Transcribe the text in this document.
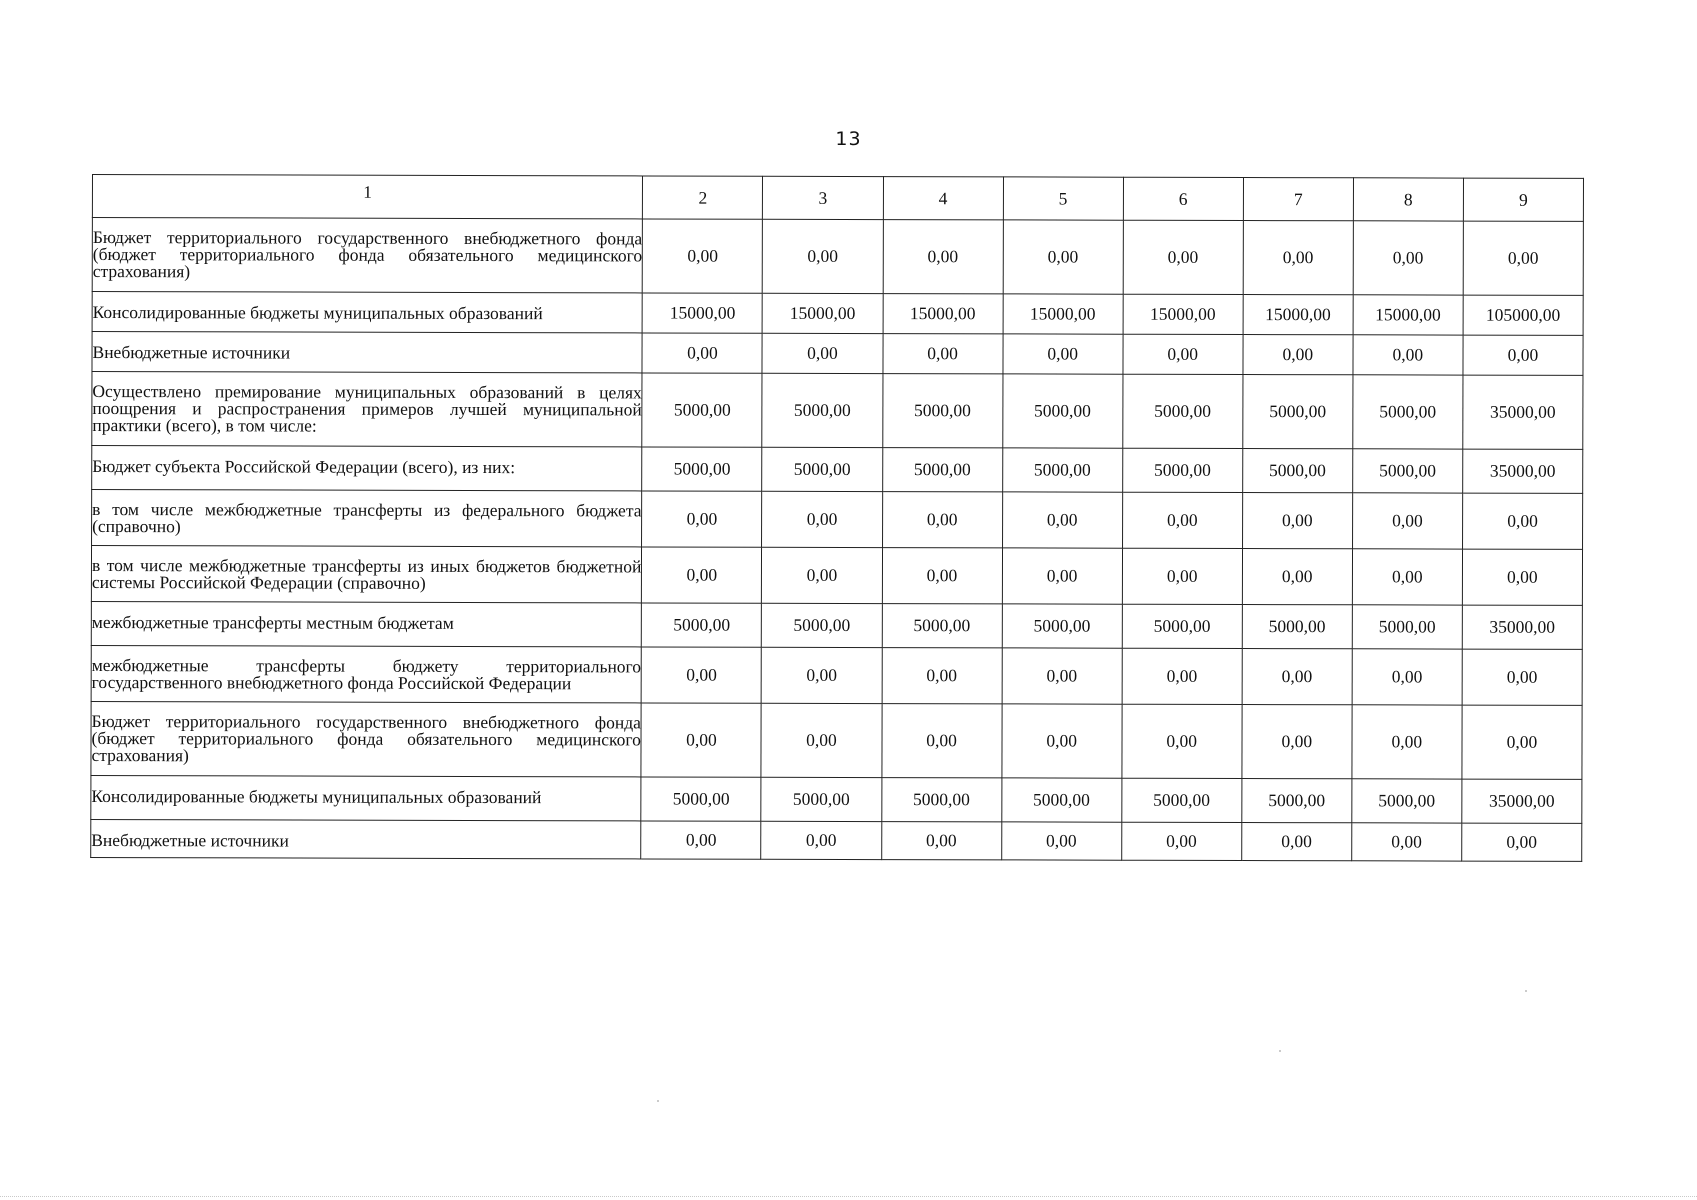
13
1	2	3	4	5	6	7	8	9
Бюджет территориального государственного внебюджетного фонда (бюджет территориального фонда обязательного медицинского страхования)	0,00	0,00	0,00	0,00	0,00	0,00	0,00	0,00
Консолидированные бюджеты муниципальных образований	15000,00	15000,00	15000,00	15000,00	15000,00	15000,00	15000,00	105000,00
Внебюджетные источники	0,00	0,00	0,00	0,00	0,00	0,00	0,00	0,00
Осуществлено премирование муниципальных образований в целях поощрения и распространения примеров лучшей муниципальной практики (всего), в том числе:	5000,00	5000,00	5000,00	5000,00	5000,00	5000,00	5000,00	35000,00
Бюджет субъекта Российской Федерации (всего), из них:	5000,00	5000,00	5000,00	5000,00	5000,00	5000,00	5000,00	35000,00
в том числе межбюджетные трансферты из федерального бюджета (справочно)	0,00	0,00	0,00	0,00	0,00	0,00	0,00	0,00
в том числе межбюджетные трансферты из иных бюджетов бюджетной системы Российской Федерации (справочно)	0,00	0,00	0,00	0,00	0,00	0,00	0,00	0,00
межбюджетные трансферты местным бюджетам	5000,00	5000,00	5000,00	5000,00	5000,00	5000,00	5000,00	35000,00
межбюджетные трансферты бюджету территориального государственного внебюджетного фонда Российской Федерации	0,00	0,00	0,00	0,00	0,00	0,00	0,00	0,00
Бюджет территориального государственного внебюджетного фонда (бюджет территориального фонда обязательного медицинского страхования)	0,00	0,00	0,00	0,00	0,00	0,00	0,00	0,00
Консолидированные бюджеты муниципальных образований	5000,00	5000,00	5000,00	5000,00	5000,00	5000,00	5000,00	35000,00
Внебюджетные источники	0,00	0,00	0,00	0,00	0,00	0,00	0,00	0,00
